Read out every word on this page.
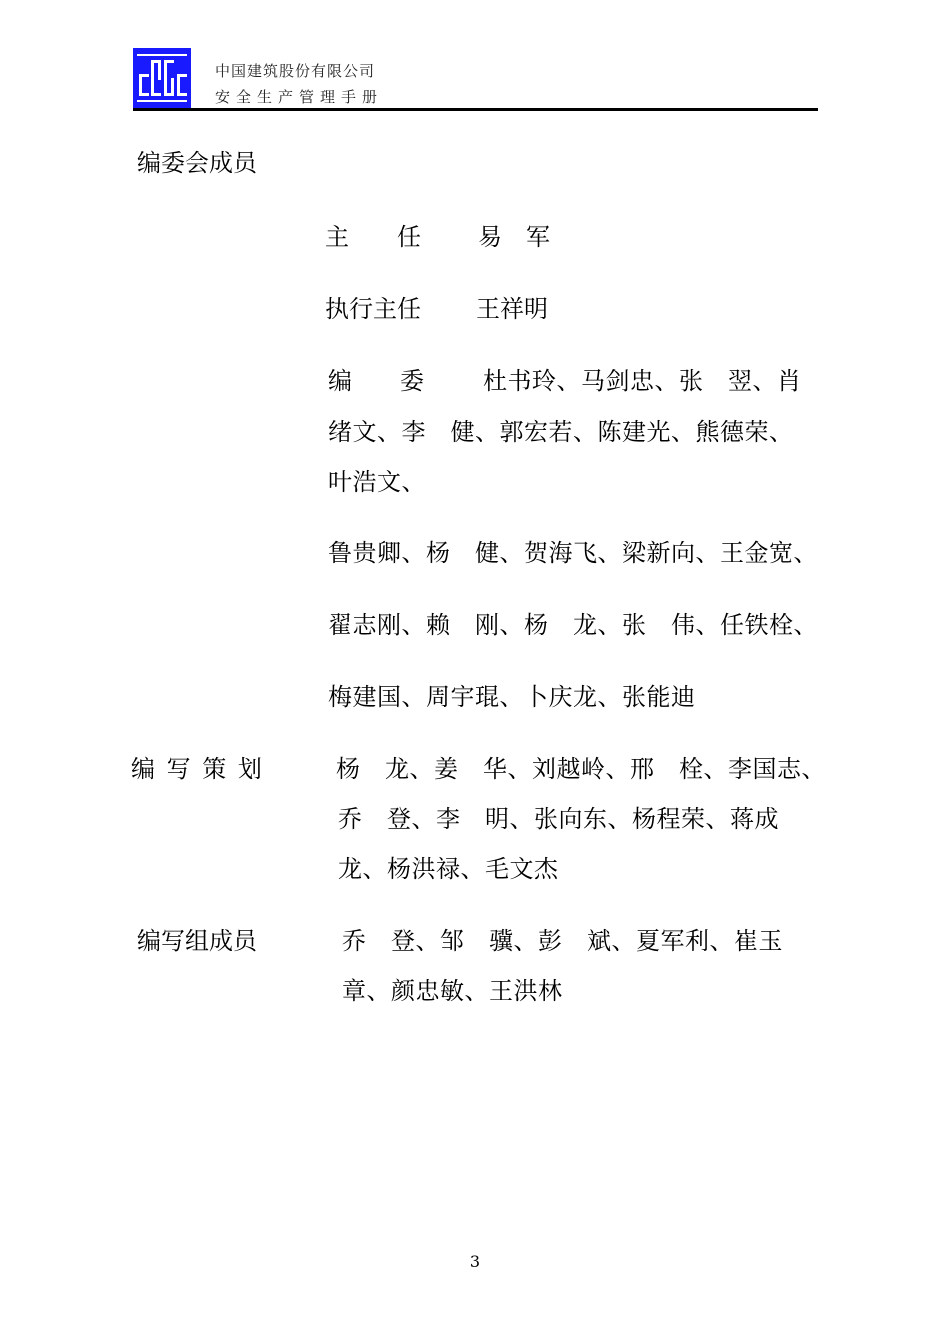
中国建筑股份有限公司
安全生产管理手册
编委会成员
主　　任 易　军
执行主任 王祥明
编　　委 杜书玲、马剑忠、张　翌、肖
绪文、李　健、郭宏若、陈建光、熊德荣、
叶浩文、
鲁贵卿、杨　健、贺海飞、梁新向、王金宽、
翟志刚、赖　刚、杨　龙、张　伟、任铁栓、
梅建国、周宇琨、卜庆龙、张能迪
编 写 策 划	杨　龙、姜　华、刘越岭、邢　栓、李国志、
乔　登、李　明、张向东、杨程荣、蒋成
龙、杨洪禄、毛文杰
编写组成员	乔　登、邹　骥、彭　斌、夏军利、崔玉
章、颜忠敏、王洪林
3
